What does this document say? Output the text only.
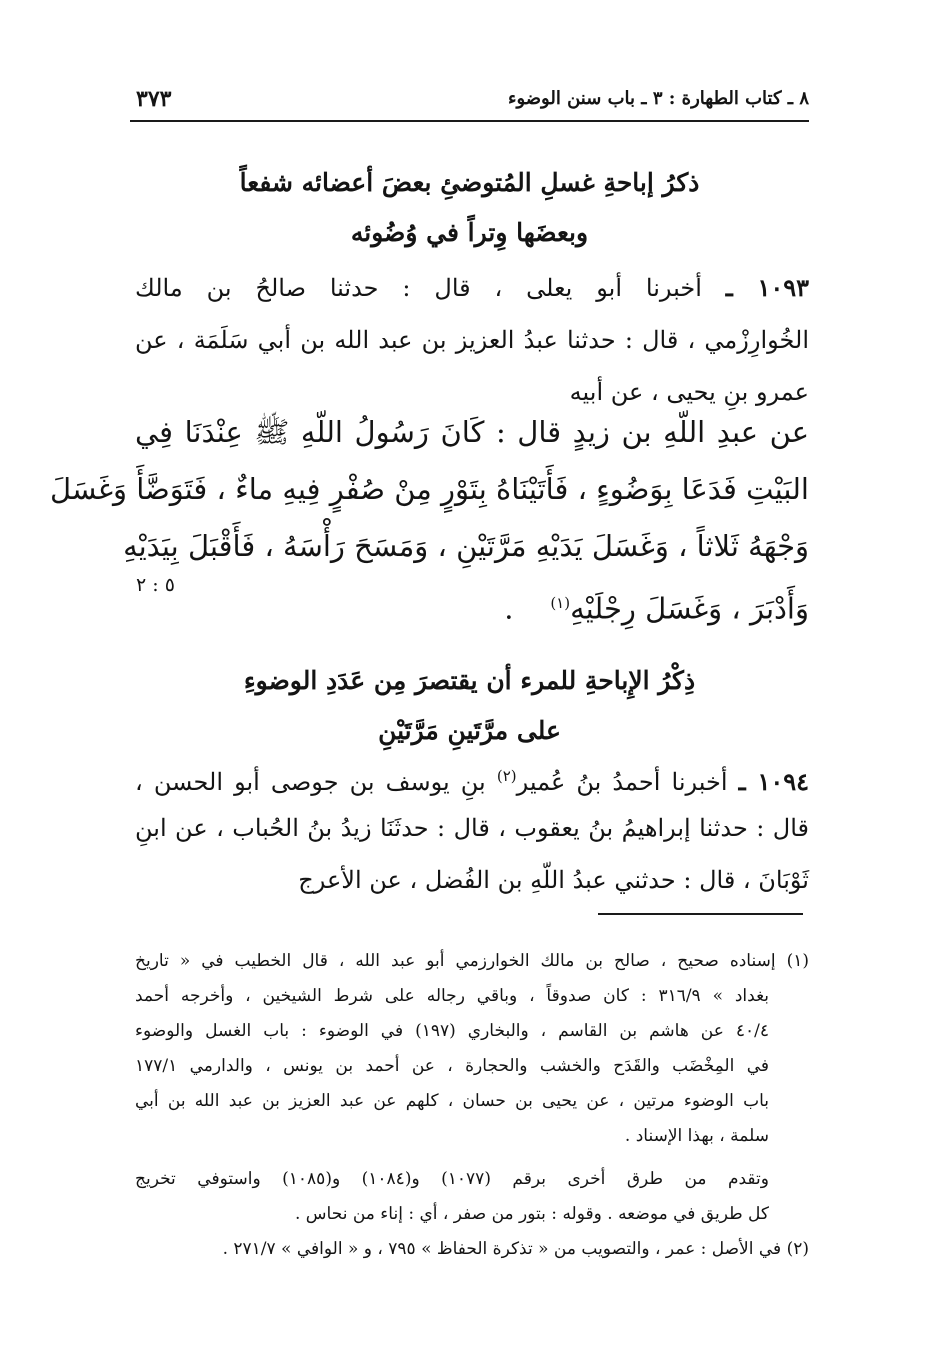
٨ ـ كتاب الطهارة : ٣ ـ باب سنن الوضوء
٣٧٣
ذكرُ إباحةِ غسلِ المُتوضئِ بعضَ أعضائه شفعاً
وبعضَها وِتراً في وُضُوئه
١٠٩٣ ـ أخبرنا أبو يعلى ، قال : حدثنا صالحُ بن مالك
الخُوارِزْمي ، قال : حدثنا عبدُ العزيز بن عبد الله بن أبي سَلَمَة ، عن
عمرو بنِ يحيى ، عن أبيه
عن عبدِ اللّهِ بن زيدٍ قال : كَانَ رَسُولُ اللّهِ ﷺ عِنْدَنَا فِي
البَيْتِ فَدَعَا بِوَضُوءٍ ، فَأَتَيْنَاهُ بِتَوْرٍ مِنْ صُفْرٍ فِيهِ ماءٌ ، فَتَوَضَّأَ وَغَسَلَ
وَجْهَهُ ثَلاثاً ، وَغَسَلَ يَدَيْهِ مَرَّتَيْنِ ، وَمَسَحَ رَأْسَهُ ، فَأَقْبَلَ بِيَدَيْهِ
وَأَدْبَرَ ، وَغَسَلَ رِجْلَيْهِ$^{(١)}$    .
٥ : ٢
ذِكْرُ الإِباحةِ للمرء أن يقتصرَ مِن عَدَدِ الوضوءِ
على مرَّتَينِ مَرَّتَيْنِ
١٠٩٤ ـ أخبرنا أحمدُ بنُ عُمير$^{(٢)}$ بنِ يوسف بن جوصى أبو الحسن ،
قال : حدثنا إبراهيمُ بنُ يعقوب ، قال : حدثَنَا زيدُ بنُ الحُباب ، عن ابنِ
ثَوْبَانَ ، قال : حدثني عبدُ اللّهِ بن الفُضل ، عن الأعرج
(١) إسناده صحيح ، صالح بن مالك الخوارزمي أبو عبد الله ، قال الخطيب في « تاريخ
بغداد » ٣١٦/٩ : كان صدوقاً ، وباقي رجاله على شرط الشيخين ، وأخرجه أحمد
٤٠/٤ عن هاشم بن القاسم ، والبخاري (١٩٧) في الوضوء : باب الغسل والوضوء
في المِخْضَب والقَدَح والخشب والحجارة ، عن أحمد بن يونس ، والدارمي ١٧٧/١
باب الوضوء مرتين ، عن يحيى بن حسان ، كلهم عن عبد العزيز بن عبد الله بن أبي
سلمة ، بهذا الإسناد .
وتقدم من طرق أخرى برقم (١٠٧٧) و(١٠٨٤) و(١٠٨٥) واستوفي تخريج
كل طريق في موضعه . وقوله : بتور من صفر ، أي : إناء من نحاس .
(٢) في الأصل : عمر ، والتصويب من « تذكرة الحفاظ » ٧٩٥ ، و « الوافي » ٢٧١/٧ .
